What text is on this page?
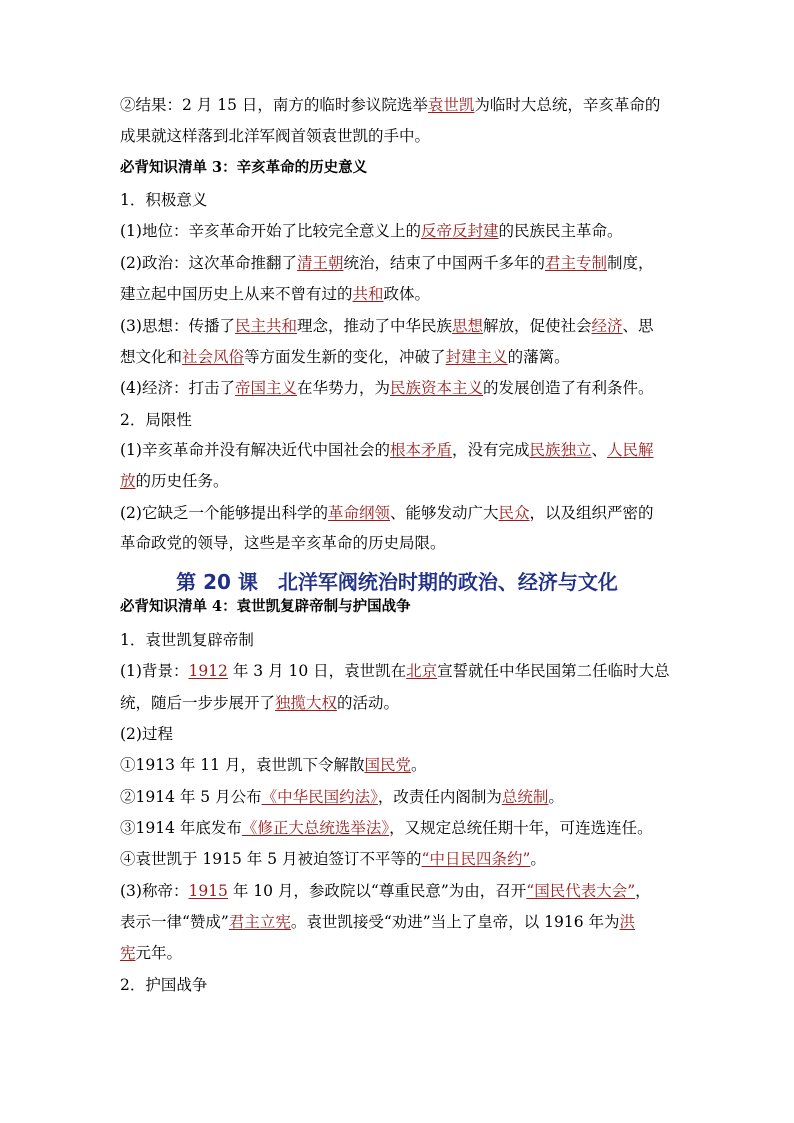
②结果：2 月 15 日，南方的临时参议院选举袁世凯为临时大总统，辛亥革命的
成果就这样落到北洋军阀首领袁世凯的手中。
必背知识清单 3：辛亥革命的历史意义
1．积极意义
(1)地位：辛亥革命开始了比较完全意义上的反帝反封建的民族民主革命。
(2)政治：这次革命推翻了清王朝统治，结束了中国两千多年的君主专制制度，
建立起中国历史上从来不曾有过的共和政体。
(3)思想：传播了民主共和理念，推动了中华民族思想解放，促使社会经济、思
想文化和社会风俗等方面发生新的变化，冲破了封建主义的藩篱。
(4)经济：打击了帝国主义在华势力，为民族资本主义的发展创造了有利条件。
2．局限性
(1)辛亥革命并没有解决近代中国社会的根本矛盾，没有完成民族独立、人民解
放的历史任务。
(2)它缺乏一个能够提出科学的革命纲领、能够发动广大民众，以及组织严密的
革命政党的领导，这些是辛亥革命的历史局限。
必背知识清单 4：袁世凯复辟帝制与护国战争
1．袁世凯复辟帝制
(1)背景：1912 年 3 月 10 日，袁世凯在北京宣誓就任中华民国第二任临时大总
统，随后一步步展开了独揽大权的活动。
(2)过程
①1913 年 11 月，袁世凯下令解散国民党。
②1914 年 5 月公布《中华民国约法》，改责任内阁制为总统制。
③1914 年底发布《修正大总统选举法》，又规定总统任期十年，可连选连任。
④袁世凯于 1915 年 5 月被迫签订不平等的“中日民四条约”。
(3)称帝：1915 年 10 月，参政院以“尊重民意”为由，召开“国民代表大会”，
表示一律“赞成”君主立宪。袁世凯接受“劝进”当上了皇帝，以 1916 年为洪
宪元年。
2．护国战争
第 20 课　北洋军阀统治时期的政治、经济与文化
